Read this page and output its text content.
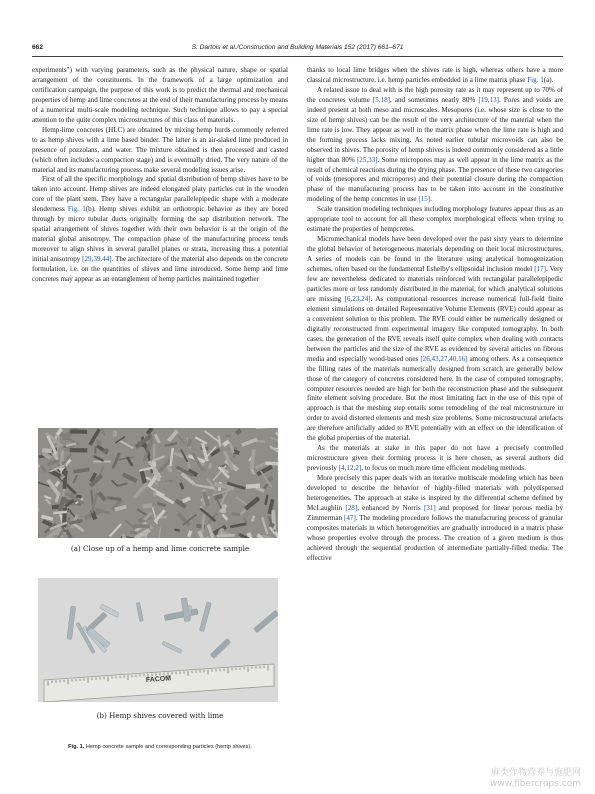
662	S. Dartois et al./Construction and Building Materials 152 (2017) 661–671

experiments") with varying parameters, such as the physical nature, shape or spatial arrangement of the constituents. In the framework of a large optimization and certification campaign, the purpose of this work is to predict the thermal and mechanical properties of hemp and lime concretes at the end of their manufacturing process by means of a numerical multi-scale modeling technique. Such technique allows to pay a special attention to the quite complex microstructures of this class of materials.

Hemp-lime concretes (HLC) are obtained by mixing hemp hurds commonly referred to as hemp shives with a lime based binder. The latter is an air-slaked lime produced in presence of pozzolans, and water. The mixture obtained is then processed and casted (which often includes a compaction stage) and is eventually dried. The very nature of the material and its manufacturing process make several modeling issues arise.

First of all the specific morphology and spatial distribution of hemp shives have to be taken into account. Hemp shives are indeed elongated platy particles cut in the wooden core of the plant stem. They have a rectangular parallelepipedic shape with a moderate slenderness Fig. 1(b). Hemp shives exhibit an orthotropic behavior as they are bored through by micro tubular ducts originally forming the sap distribution network. The spatial arrangement of shives together with their own behavior is at the origin of the material global anisotropy. The compaction phase of the manufacturing process tends moreover to align shives in several parallel planes or strata, increasing thus a potential initial anisotropy [29,39,44]. The architecture of the material also depends on the concrete formulation, i.e. on the quantities of shives and lime introduced. Some hemp and lime concretes may appear as an entanglement of hemp particles maintained together

thanks to local lime bridges when the shives rate is high, whereas others have a more classical microstructure, i.e. hemp particles embedded in a lime matrix phase Fig. 1(a).

A related issue to deal with is the high porosity rate as it may represent up to 70% of the concretes volume [5,18], and sometimes nearly 80% [19,13]. Pores and voids are indeed present at both meso and microscales. Mesopores (i.e. whose size is close to the size of hemp shives) can be the result of the very architecture of the material when the lime rate is low. They appear as well in the matrix phase when the lime rate is high and the forming process lacks mixing. As noted earlier tubular microvoids can also be observed in shives. The porosity of hemp shives is indeed commonly considered as a little higher than 80% [25,33]. Some micropores may as well appear in the lime matrix as the result of chemical reactions during the drying phase. The presence of these two categories of voids (mesopores and micropores) and their potential closure during the compaction phase of the manufacturing process has to be taken into account in the constitutive modeling of the hemp concretes in use [15].

Scale transition modeling techniques including morphology features appear thus as an appropriate tool to account for all these complex morphological effects when trying to estimate the properties of hempcretes.

Micromechanical models have been developed over the past sixty years to determine the global behavior of heterogeneous materials depending on their local microstructures. A series of models can be found in the literature using analytical homogenization schemes, often based on the fundamental Eshelby's ellipsoidal inclusion model [17]. Very few are nevertheless dedicated to materials reinforced with rectangular parallelepipedic particles more or less randomly distributed in the material, for which analytical solutions are missing [6,23,24]. As computational resources increase numerical full-field finite element simulations on detailed Representative Volume Elements (RVE) could appear as a convenient solution to this problem. The RVE could either be numerically designed or digitally reconstructed from experimental imagery like computed tomography. In both cases, the generation of the RVE reveals itself quite complex when dealing with contacts between the particles and the size of the RVE as evidenced by several articles on fibrous media and especially wood-based ones [26,43,27,40,16] among others. As a consequence the filling rates of the materials numerically designed from scratch are generally below those of the category of concretes considered here. In the case of computed tomography, computer resources needed are high for both the reconstruction phase and the subsequent finite element solving procedure. But the most limitating fact in the use of this type of approach is that the meshing step entails some remodeling of the real microstructure in order to avoid distorted elements and mesh size problems. Some microstructural artefacts are therefore artificially added to RVE potentially with an effect on the identification of the global properties of the material.

As the materials at stake in this paper do not have a precisely controlled microstructure given their forming process it is here chosen, as several authors did previously [4,12,2], to focus on much more time efficient modeling methods.

More precisely this paper deals with an iterative multiscale modeling which has been developed to describe the behavior of highly-filled materials with polydispersed heterogeneities. The approach at stake is inspired by the differential scheme defined by McLaughlin [28], enhanced by Norris [31] and proposed for linear porous media by Zimmerman [47]. The modeling procedure follows the manufacturing process of granular composites materials in which heterogeneities are gradually introduced in a matrix phase whose properties evolve through the process. The creation of a given medium is thus achieved through the sequential production of intermediate partially-filled media. The effective

(a) Close up of a hemp and lime concrete sample
FACOM
(b) Hemp shives covered with lime
Fig. 1. Hemp concrete sample and corresponding particles (hemp shives).
麻类作物营养与施肥网
www.fibercrops.com
